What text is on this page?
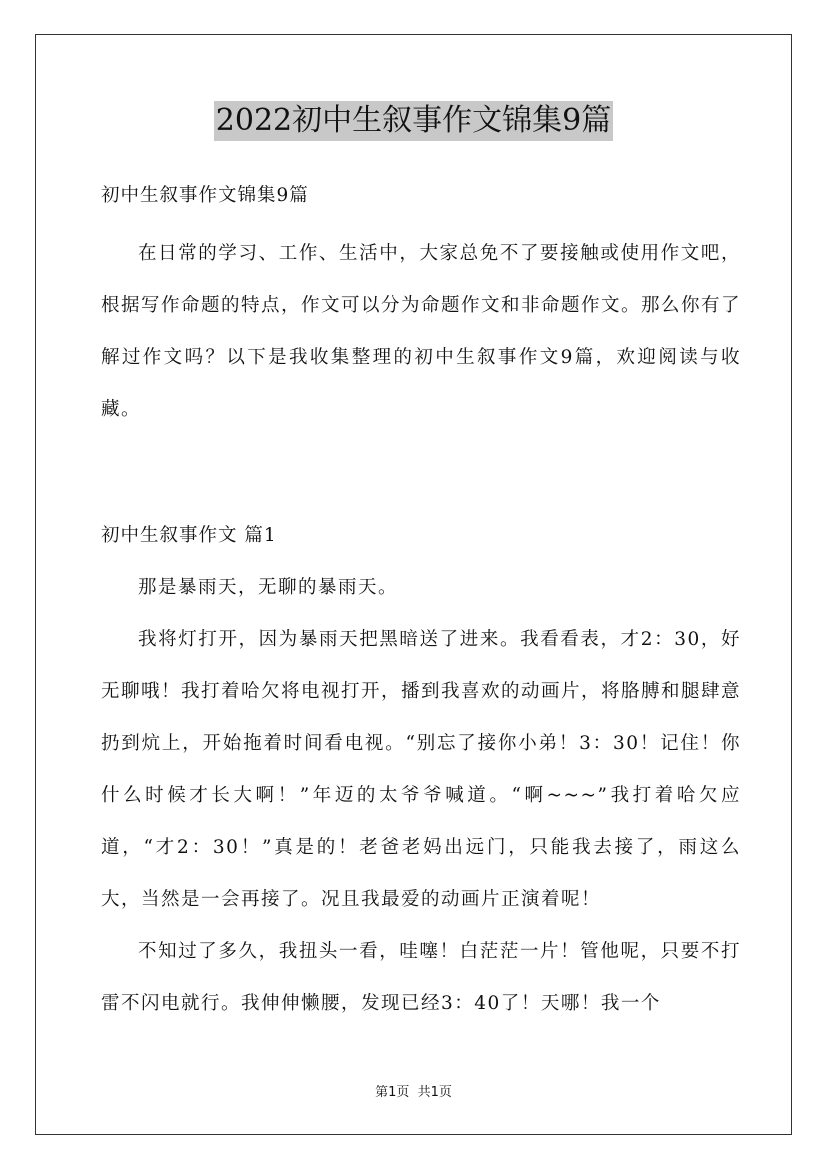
2022初中生叙事作文锦集9篇

初中生叙事作文锦集9篇

在日常的学习、工作、生活中，大家总免不了要接触或使用作文吧，根据写作命题的特点，作文可以分为命题作文和非命题作文。那么你有了解过作文吗？以下是我收集整理的初中生叙事作文9篇，欢迎阅读与收藏。

初中生叙事作文 篇1

那是暴雨天，无聊的暴雨天。

我将灯打开，因为暴雨天把黑暗送了进来。我看看表，才2：30，好无聊哦！我打着哈欠将电视打开，播到我喜欢的动画片，将胳膊和腿肆意扔到炕上，开始拖着时间看电视。“别忘了接你小弟！3：30！记住！你什么时候才长大啊！”年迈的太爷爷喊道。“啊~~~”我打着哈欠应道，“才2：30！”真是的！老爸老妈出远门，只能我去接了，雨这么大，当然是一会再接了。况且我最爱的动画片正演着呢！

不知过了多久，我扭头一看，哇噻！白茫茫一片！管他呢，只要不打雷不闪电就行。我伸伸懒腰，发现已经3：40了！天哪！我一个

第1页 共1页
